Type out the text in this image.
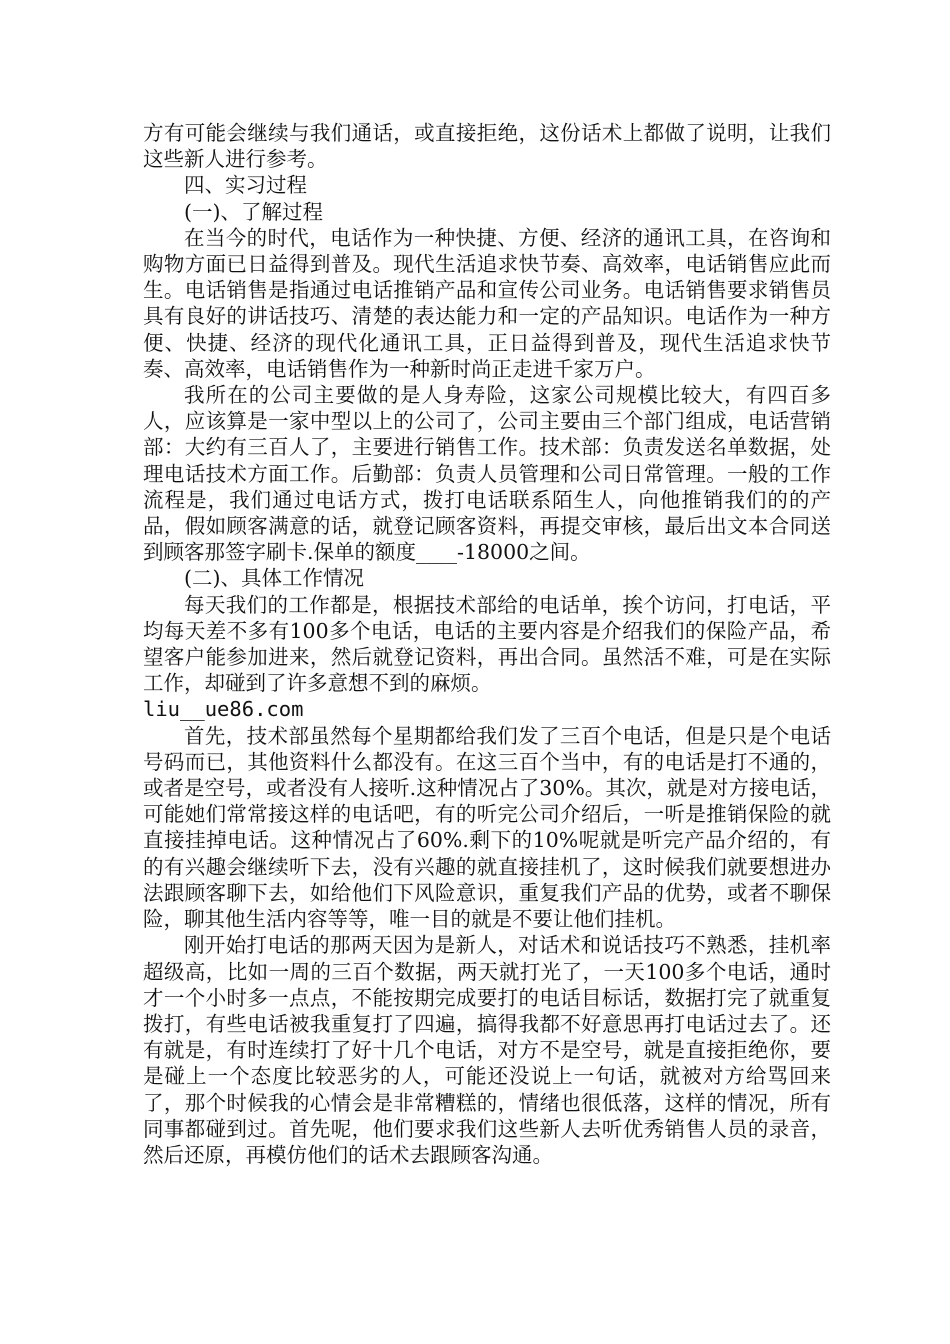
方有可能会继续与我们通话，或直接拒绝，这份话术上都做了说明，让我们这些新人进行参考。

四、实习过程

(一)、了解过程

在当今的时代，电话作为一种快捷、方便、经济的通讯工具，在咨询和购物方面已日益得到普及。现代生活追求快节奏、高效率，电话销售应此而生。电话销售是指通过电话推销产品和宣传公司业务。电话销售要求销售员具有良好的讲话技巧、清楚的表达能力和一定的产品知识。电话作为一种方便、快捷、经济的现代化通讯工具，正日益得到普及，现代生活追求快节奏、高效率，电话销售作为一种新时尚正走进千家万户。

我所在的公司主要做的是人身寿险，这家公司规模比较大，有四百多人，应该算是一家中型以上的公司了，公司主要由三个部门组成，电话营销部：大约有三百人了，主要进行销售工作。技术部：负责发送名单数据，处理电话技术方面工作。后勤部：负责人员管理和公司日常管理。一般的工作流程是，我们通过电话方式，拨打电话联系陌生人，向他推销我们的的产品，假如顾客满意的话，就登记顾客资料，再提交审核，最后出文本合同送到顾客那签字刷卡.保单的额度____-18000之间。

(二)、具体工作情况

每天我们的工作都是，根据技术部给的电话单，挨个访问，打电话，平均每天差不多有100多个电话，电话的主要内容是介绍我们的保险产品，希望客户能参加进来，然后就登记资料，再出合同。虽然活不难，可是在实际工作，却碰到了许多意想不到的麻烦。

liu__ue86.com

首先，技术部虽然每个星期都给我们发了三百个电话，但是只是个电话号码而已，其他资料什么都没有。在这三百个当中，有的电话是打不通的，或者是空号，或者没有人接听.这种情况占了30%。其次，就是对方接电话，可能她们常常接这样的电话吧，有的听完公司介绍后，一听是推销保险的就直接挂掉电话。这种情况占了60%.剩下的10%呢就是听完产品介绍的，有的有兴趣会继续听下去，没有兴趣的就直接挂机了，这时候我们就要想进办法跟顾客聊下去，如给他们下风险意识，重复我们产品的优势，或者不聊保险，聊其他生活内容等等，唯一目的就是不要让他们挂机。

刚开始打电话的那两天因为是新人，对话术和说话技巧不熟悉，挂机率超级高，比如一周的三百个数据，两天就打光了，一天100多个电话，通时才一个小时多一点点，不能按期完成要打的电话目标话，数据打完了就重复拨打，有些电话被我重复打了四遍，搞得我都不好意思再打电话过去了。还有就是，有时连续打了好十几个电话，对方不是空号，就是直接拒绝你，要是碰上一个态度比较恶劣的人，可能还没说上一句话，就被对方给骂回来了，那个时候我的心情会是非常糟糕的，情绪也很低落，这样的情况，所有同事都碰到过。首先呢，他们要求我们这些新人去听优秀销售人员的录音，然后还原，再模仿他们的话术去跟顾客沟通。
